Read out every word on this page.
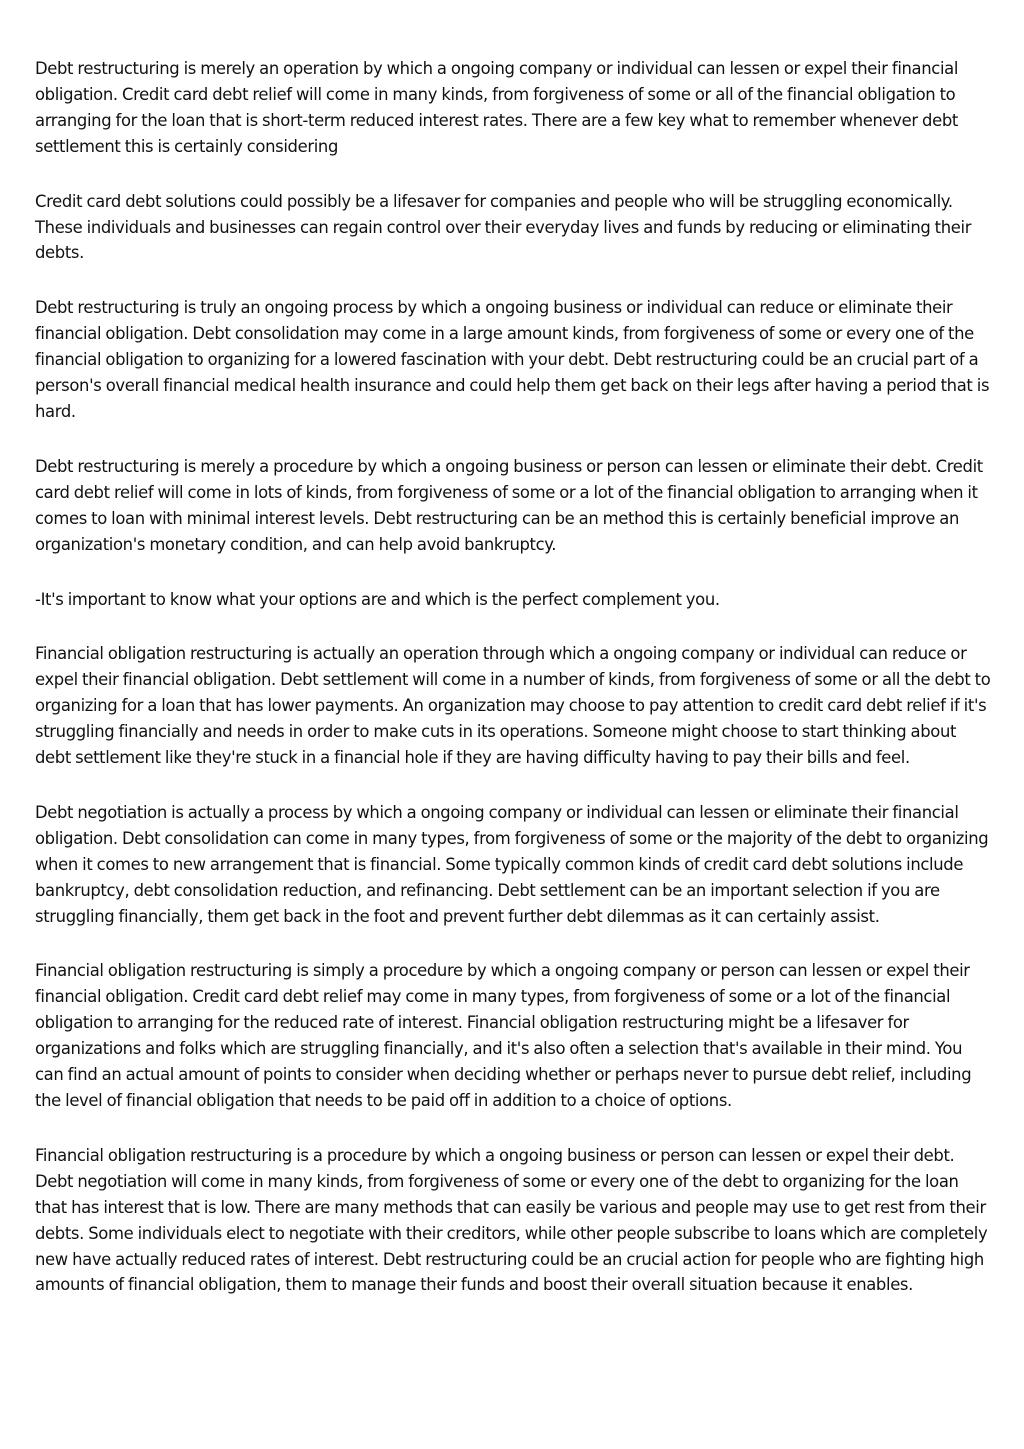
Debt restructuring is merely an operation by which a ongoing company or individual can lessen or expel their financial obligation. Credit card debt relief will come in many kinds, from forgiveness of some or all of the financial obligation to arranging for the loan that is short-term reduced interest rates. There are a few key what to remember whenever debt settlement this is certainly considering

Credit card debt solutions could possibly be a lifesaver for companies and people who will be struggling economically. These individuals and businesses can regain control over their everyday lives and funds by reducing or eliminating their debts.

Debt restructuring is truly an ongoing process by which a ongoing business or individual can reduce or eliminate their financial obligation. Debt consolidation may come in a large amount kinds, from forgiveness of some or every one of the financial obligation to organizing for a lowered fascination with your debt. Debt restructuring could be an crucial part of a person's overall financial medical health insurance and could help them get back on their legs after having a period that is hard.

Debt restructuring is merely a procedure by which a ongoing business or person can lessen or eliminate their debt. Credit card debt relief will come in lots of kinds, from forgiveness of some or a lot of the financial obligation to arranging when it comes to loan with minimal interest levels. Debt restructuring can be an method this is certainly beneficial improve an organization's monetary condition, and can help avoid bankruptcy.

-It's important to know what your options are and which is the perfect complement you.

Financial obligation restructuring is actually an operation through which a ongoing company or individual can reduce or expel their financial obligation. Debt settlement will come in a number of kinds, from forgiveness of some or all the debt to organizing for a loan that has lower payments. An organization may choose to pay attention to credit card debt relief if it's struggling financially and needs in order to make cuts in its operations. Someone might choose to start thinking about debt settlement like they're stuck in a financial hole if they are having difficulty having to pay their bills and feel.

Debt negotiation is actually a process by which a ongoing company or individual can lessen or eliminate their financial obligation. Debt consolidation can come in many types, from forgiveness of some or the majority of the debt to organizing when it comes to new arrangement that is financial. Some typically common kinds of credit card debt solutions include bankruptcy, debt consolidation reduction, and refinancing. Debt settlement can be an important selection if you are struggling financially, them get back in the foot and prevent further debt dilemmas as it can certainly assist.

Financial obligation restructuring is simply a procedure by which a ongoing company or person can lessen or expel their financial obligation. Credit card debt relief may come in many types, from forgiveness of some or a lot of the financial obligation to arranging for the reduced rate of interest. Financial obligation restructuring might be a lifesaver for organizations and folks which are struggling financially, and it's also often a selection that's available in their mind. You can find an actual amount of points to consider when deciding whether or perhaps never to pursue debt relief, including the level of financial obligation that needs to be paid off in addition to a choice of options.

Financial obligation restructuring is a procedure by which a ongoing business or person can lessen or expel their debt. Debt negotiation will come in many kinds, from forgiveness of some or every one of the debt to organizing for the loan that has interest that is low. There are many methods that can easily be various and people may use to get rest from their debts. Some individuals elect to negotiate with their creditors, while other people subscribe to loans which are completely new have actually reduced rates of interest. Debt restructuring could be an crucial action for people who are fighting high amounts of financial obligation, them to manage their funds and boost their overall situation because it enables.
